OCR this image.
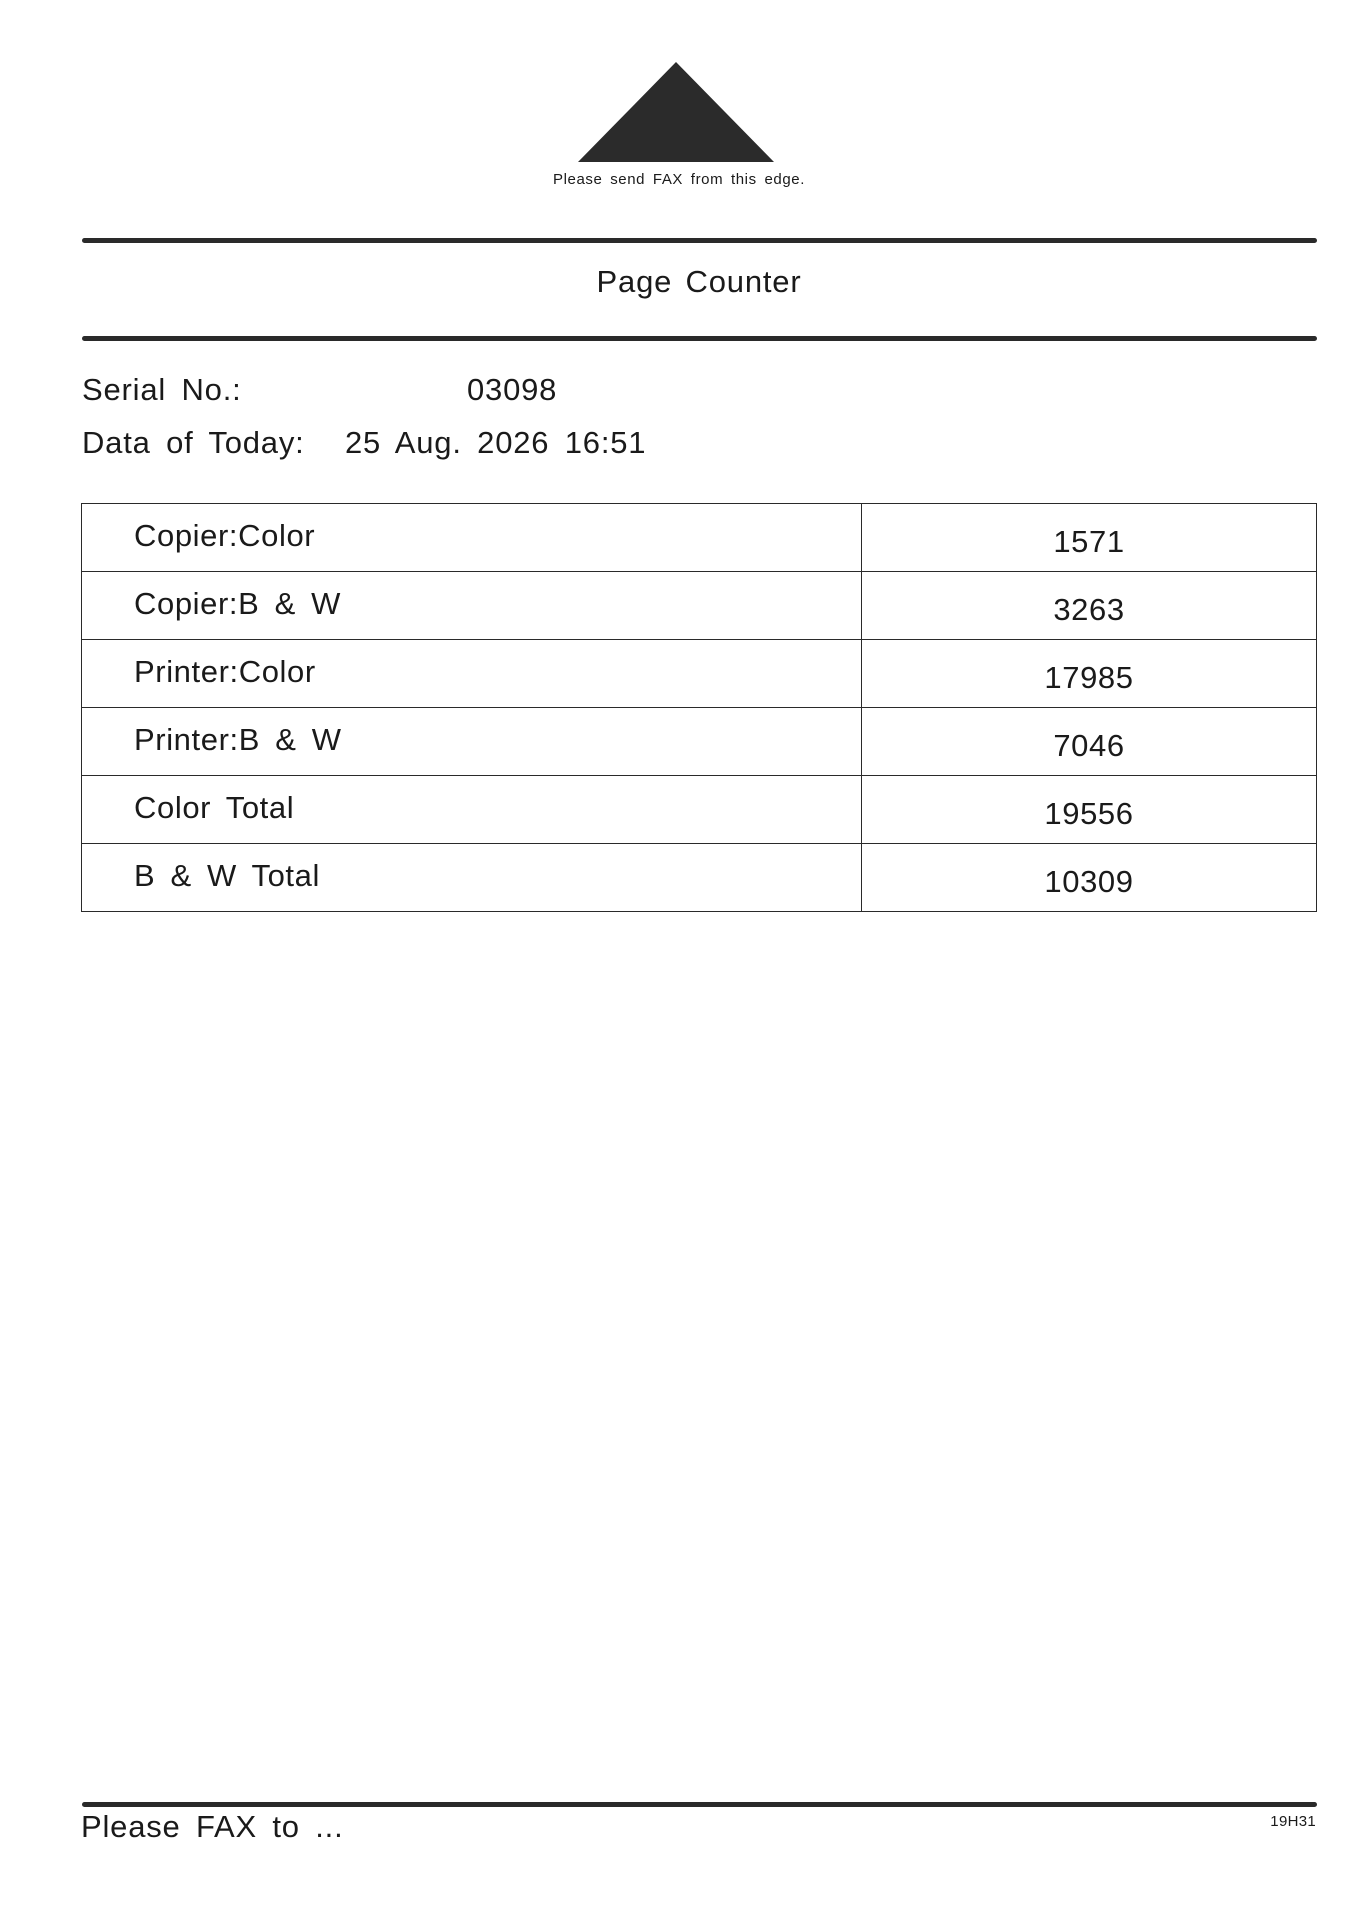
Please send FAX from this edge.
Page Counter
Serial No.:	03098
Data of Today: 25 Aug. 2026 16:51
Copier:Color	1571
Copier:B & W	3263
Printer:Color	17985
Printer:B & W	7046
Color Total	19556
B & W Total	10309
Please FAX to ...	19H31
